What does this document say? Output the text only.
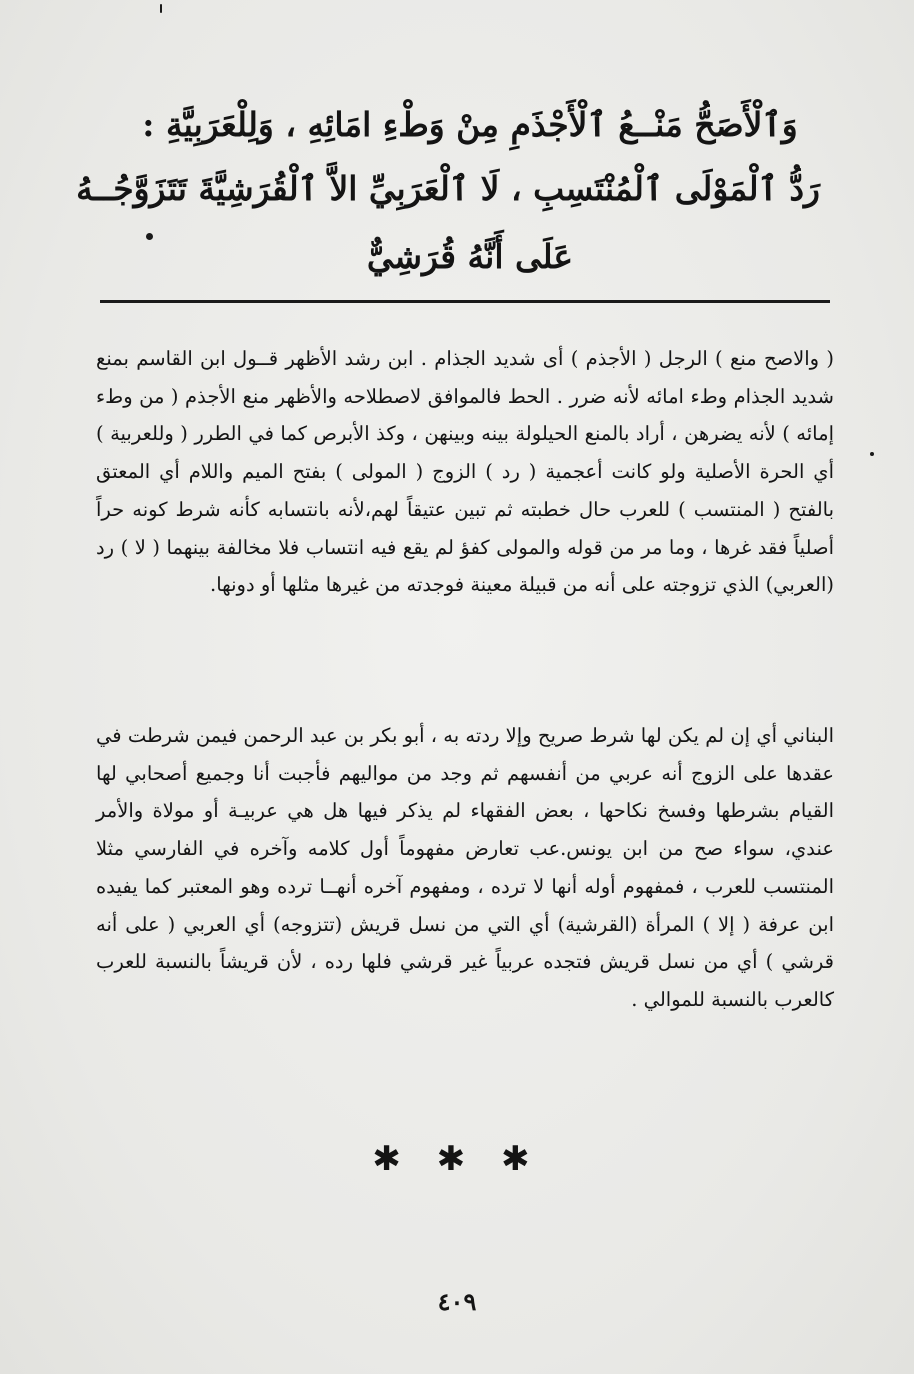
وَٱلْأَصَحُّ مَنْــعُ ٱلْأَجْذَمِ مِنْ وَطْءِ امَائِهِ ، وَلِلْعَرَبِيَّةِ :
رَدُّ ٱلْمَوْلَى ٱلْمُنْتَسِبِ ، لَا ٱلْعَرَبِيِّ الاَّ ٱلْقُرَشِيَّةَ تَتَزَوَّجُــهُ
عَلَى أَنَّهُ قُرَشِيٌّ
( والاصح منع ) الرجل ( الأجذم ) أى شديد الجذام . ابن رشد الأظهر قــول ابن القاسم بمنع شديد الجذام وطء امائه لأنه ضرر . الحط فالموافق لاصطلاحه والأظهر منع الأجذم ( من وطء إمائه ) لأنه يضرهن ، أراد بالمنع الحيلولة بينه وبينهن ، وكذ الأبرص كما في الطرر ( وللعربية ) أي الحرة الأصلية ولو كانت أعجمية ( رد ) الزوج ( المولى ) بفتح الميم واللام أي المعتق بالفتح ( المنتسب ) للعرب حال خطبته ثم تبين عتيقاً لهم،لأنه بانتسابه كأنه شرط كونه حراً أصلياً فقد غرها ، وما مر من قوله والمولى كفؤ لم يقع فيه انتساب فلا مخالفة بينهما ( لا ) رد (العربي) الذي تزوجته على أنه من قبيلة معينة فوجدته من غيرها مثلها أو دونها.
البناني أي إن لم يكن لها شرط صريح وإلا ردته به ، أبو بكر بن عبد الرحمن فيمن شرطت في عقدها على الزوج أنه عربي من أنفسهم ثم وجد من مواليهم فأجبت أنا وجميع أصحابي لها القيام بشرطها وفسخ نكاحها ، بعض الفقهاء لم يذكر فيها هل هي عربيـة أو مولاة والأمر عندي، سواء صح من ابن يونس.عب تعارض مفهوماً أول كلامه وآخره في الفارسي مثلا المنتسب للعرب ، فمفهوم أوله أنها لا ترده ، ومفهوم آخره أنهــا ترده وهو المعتبر كما يفيده ابن عرفة ( إلا ) المرأة (القرشية) أي التي من نسل قريش (تتزوجه) أي العربي ( على أنه قرشي ) أي من نسل قريش فتجده عربياً غير قرشي فلها رده ، لأن قريشاً بالنسبة للعرب كالعرب بالنسبة للموالي .
✱ ✱ ✱
٤٠٩
